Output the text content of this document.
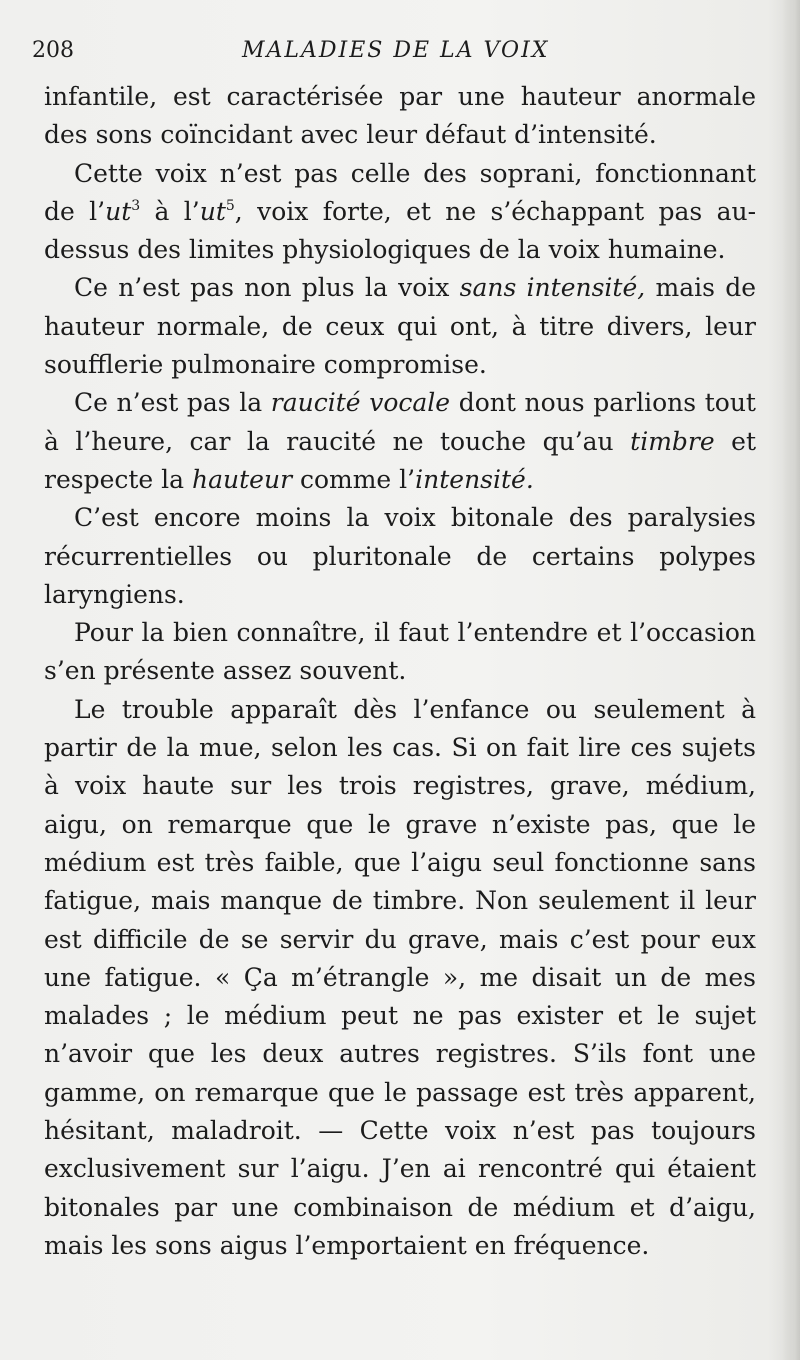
208	MALADIES DE LA VOIX

infantile, est caractérisée par une hauteur anormale des sons coïncidant avec leur défaut d’intensité.

Cette voix n’est pas celle des soprani, fonctionnant de $l’ut^3$ à $l’ut^5$, voix forte, et ne s’échappant pas au-dessus des limites physiologiques de la voix humaine.

Ce n’est pas non plus la voix sans intensité, mais de hauteur normale, de ceux qui ont, à titre divers, leur soufflerie pulmonaire compromise.

Ce n’est pas la raucité vocale dont nous parlions tout à l’heure, car la raucité ne touche qu’au timbre et respecte la hauteur comme l’intensité.

C’est encore moins la voix bitonale des paralysies récurrentielles ou pluritonale de certains polypes laryngiens.

Pour la bien connaître, il faut l’entendre et l’occasion s’en présente assez souvent.

Le trouble apparaît dès l’enfance ou seulement à partir de la mue, selon les cas. Si on fait lire ces sujets à voix haute sur les trois registres, grave, médium, aigu, on remarque que le grave n’existe pas, que le médium est très faible, que l’aigu seul fonctionne sans fatigue, mais manque de timbre. Non seulement il leur est difficile de se servir du grave, mais c’est pour eux une fatigue. « Ça m’étrangle », me disait un de mes malades ; le médium peut ne pas exister et le sujet n’avoir que les deux autres registres. S’ils font une gamme, on remarque que le passage est très apparent, hésitant, maladroit. — Cette voix n’est pas toujours exclusivement sur l’aigu. J’en ai rencontré qui étaient bitonales par une combinaison de médium et d’aigu, mais les sons aigus l’emportaient en fréquence.
